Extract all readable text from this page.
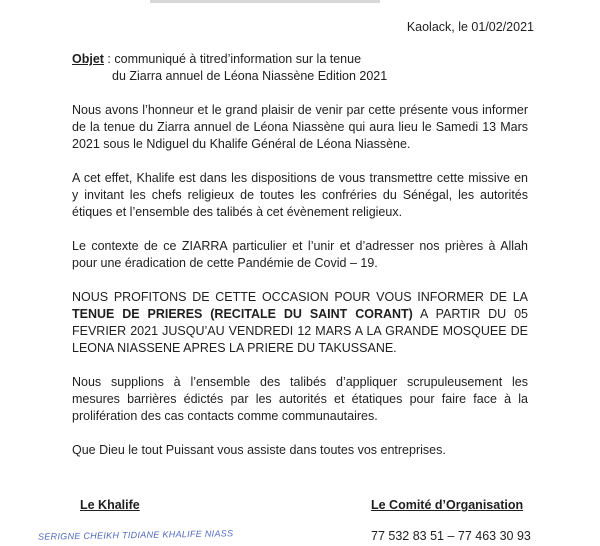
Kaolack, le 01/02/2021
Objet : communiqué à titred’information sur la tenue
du Ziarra annuel de Léona Niassène Edition 2021

Nous avons l’honneur et le grand plaisir de venir par cette présente vous informer de la tenue du Ziarra annuel de Léona Niassène qui aura lieu le Samedi 13 Mars 2021 sous le Ndiguel du Khalife Général de Léona Niassène.

A cet effet, Khalife est dans les dispositions de vous transmettre cette missive en y invitant les chefs religieux de toutes les confréries du Sénégal, les autorités étiques et l’ensemble des talibés à cet évènement religieux.

Le contexte de ce ZIARRA particulier et l’unir et d’adresser nos prières à Allah pour une éradication de cette Pandémie de Covid – 19.

NOUS PROFITONS DE CETTE OCCASION POUR VOUS INFORMER DE LA TENUE DE PRIERES (RECITALE DU SAINT CORANT) A PARTIR DU 05 FEVRIER 2021 JUSQU’AU VENDREDI 12 MARS A LA GRANDE MOSQUEE DE LEONA NIASSENE APRES LA PRIERE DU TAKUSSANE.

Nous supplions à l’ensemble des talibés d’appliquer scrupuleusement les mesures barrières édictés par les autorités et étatiques pour faire face à la prolifération des cas contacts comme communautaires.

Que Dieu le tout Puissant vous assiste dans toutes vos entreprises.

Le Khalife	Le Comité d’Organisation
77 532 83 51 – 77 463 30 93
SERIGNE CHEIKH TIDIANE KHALIFE NIASS
